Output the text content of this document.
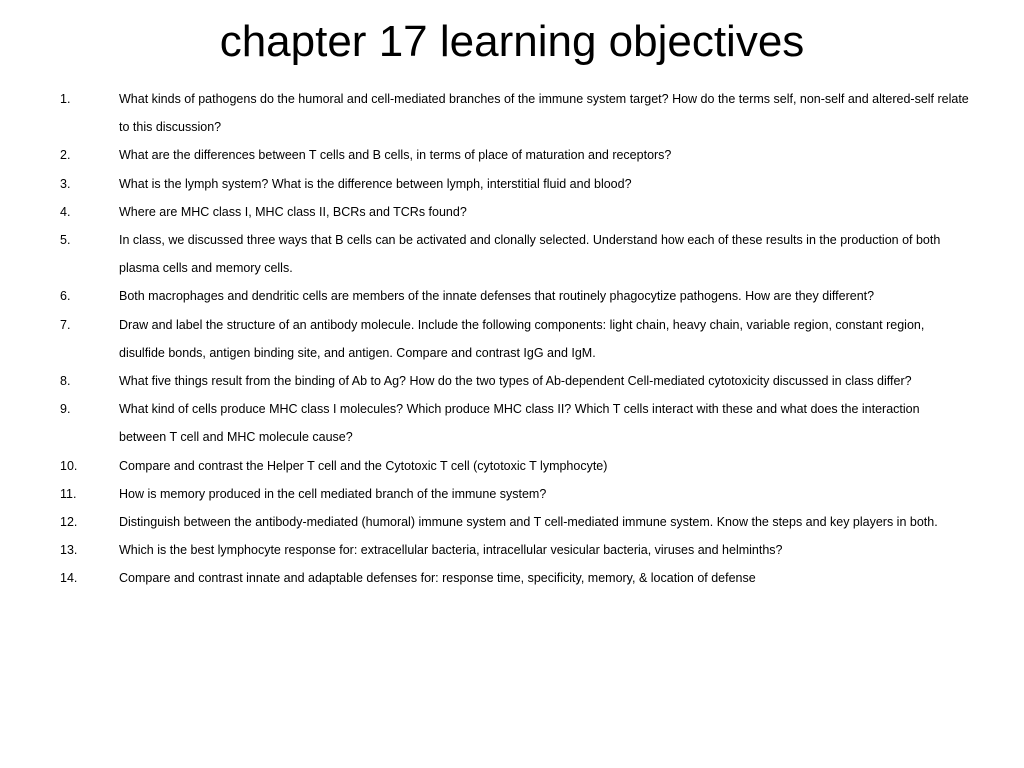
chapter 17 learning objectives
1.	What kinds of pathogens do the humoral and cell-mediated branches of the immune system target? How do the terms self, non-self and altered-self relate to this discussion?
2.	What are the differences between T cells and B cells, in terms of place of maturation and receptors?
3.	What is the lymph system? What is the difference between lymph, interstitial fluid and blood?
4.	Where are MHC class I, MHC class II, BCRs and TCRs found?
5.	In class, we discussed three ways that B cells can be activated and clonally selected. Understand how each of these results in the production of both plasma cells and memory cells.
6.	Both macrophages and dendritic cells are members of the innate defenses that routinely phagocytize pathogens. How are they different?
7.	Draw and label the structure of an antibody molecule. Include the following components: light chain, heavy chain, variable region, constant region, disulfide bonds, antigen binding site, and antigen. Compare and contrast IgG and IgM.
8.	What five things result from the binding of Ab to Ag? How do the two types of Ab-dependent Cell-mediated cytotoxicity discussed in class differ?
9.	What kind of cells produce MHC class I molecules? Which produce MHC class II? Which T cells interact with these and what does the interaction between T cell and MHC molecule cause?
10.	Compare and contrast the Helper T cell and the Cytotoxic T cell (cytotoxic T lymphocyte)
11.	How is memory produced in the cell mediated branch of the immune system?
12.	Distinguish between the antibody-mediated (humoral) immune system and T cell-mediated immune system. Know the steps and key players in both.
13.	Which is the best lymphocyte response for: extracellular bacteria, intracellular vesicular bacteria, viruses and helminths?
14.	Compare and contrast innate and adaptable defenses for: response time, specificity, memory, & location of defense
